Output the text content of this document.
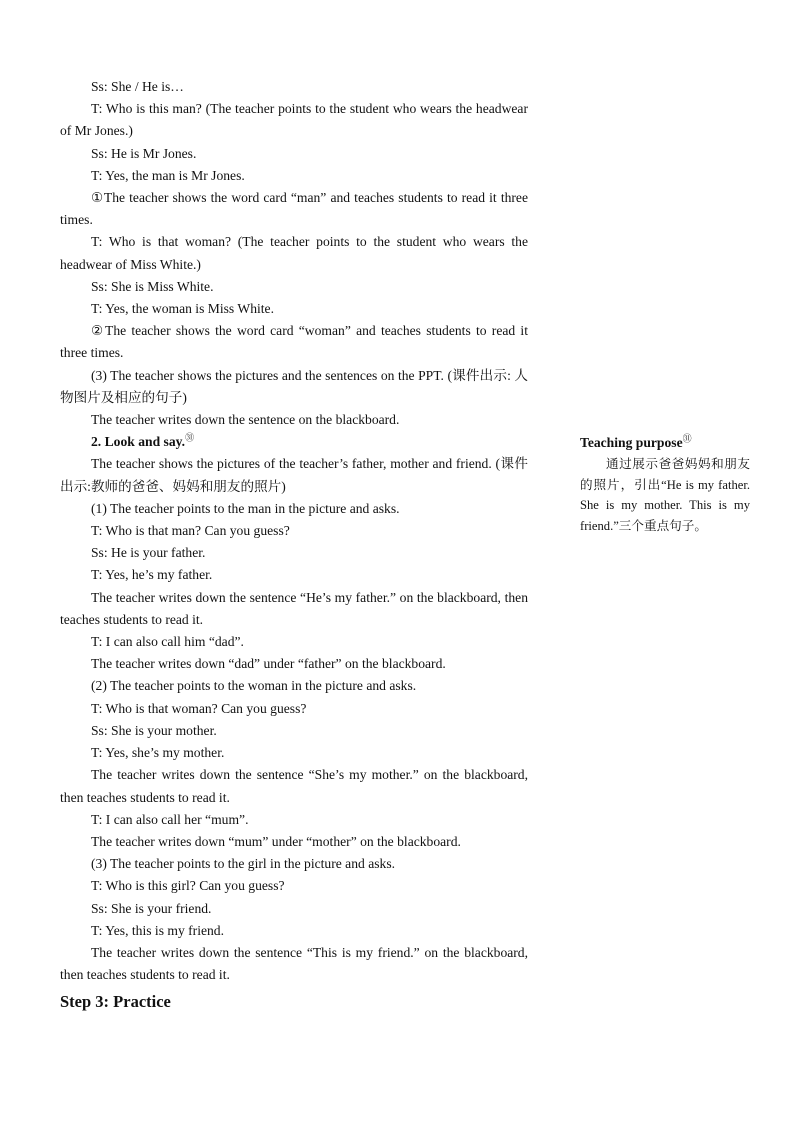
Ss: She / He is…
T: Who is this man? (The teacher points to the student who wears the headwear of Mr Jones.)
Ss: He is Mr Jones.
T: Yes, the man is Mr Jones.
①The teacher shows the word card “man” and teaches students to read it three times.
T: Who is that woman? (The teacher points to the student who wears the headwear of Miss White.)
Ss: She is Miss White.
T: Yes, the woman is Miss White.
②The teacher shows the word card “woman” and teaches students to read it three times.
(3) The teacher shows the pictures and the sentences on the PPT. (课件出示: 人物图片及相应的句子)
The teacher writes down the sentence on the blackboard.
2. Look and say.$^㉛$
The teacher shows the pictures of the teacher’s father, mother and friend. (课件出示:教师的爸爸、妈妈和朋友的照片)
(1) The teacher points to the man in the picture and asks.
T: Who is that man? Can you guess?
Ss: He is your father.
T: Yes, he’s my father.
The teacher writes down the sentence “He’s my father.” on the blackboard, then teaches students to read it.
T: I can also call him “dad”.
The teacher writes down “dad” under “father” on the blackboard.
(2) The teacher points to the woman in the picture and asks.
T: Who is that woman? Can you guess?
Ss: She is your mother.
T: Yes, she’s my mother.
The teacher writes down the sentence “She’s my mother.” on the blackboard, then teaches students to read it.
T: I can also call her “mum”.
The teacher writes down “mum” under “mother” on the blackboard.
(3) The teacher points to the girl in the picture and asks.
T: Who is this girl? Can you guess?
Ss: She is your friend.
T: Yes, this is my friend.
The teacher writes down the sentence “This is my friend.” on the blackboard, then teaches students to read it.
Step 3: Practice
Teaching purpose$^㉛$
通过展示爸爸妈妈和朋友的照片，引出“He is my father. She is my mother. This is my friend.”三个重点句子。
